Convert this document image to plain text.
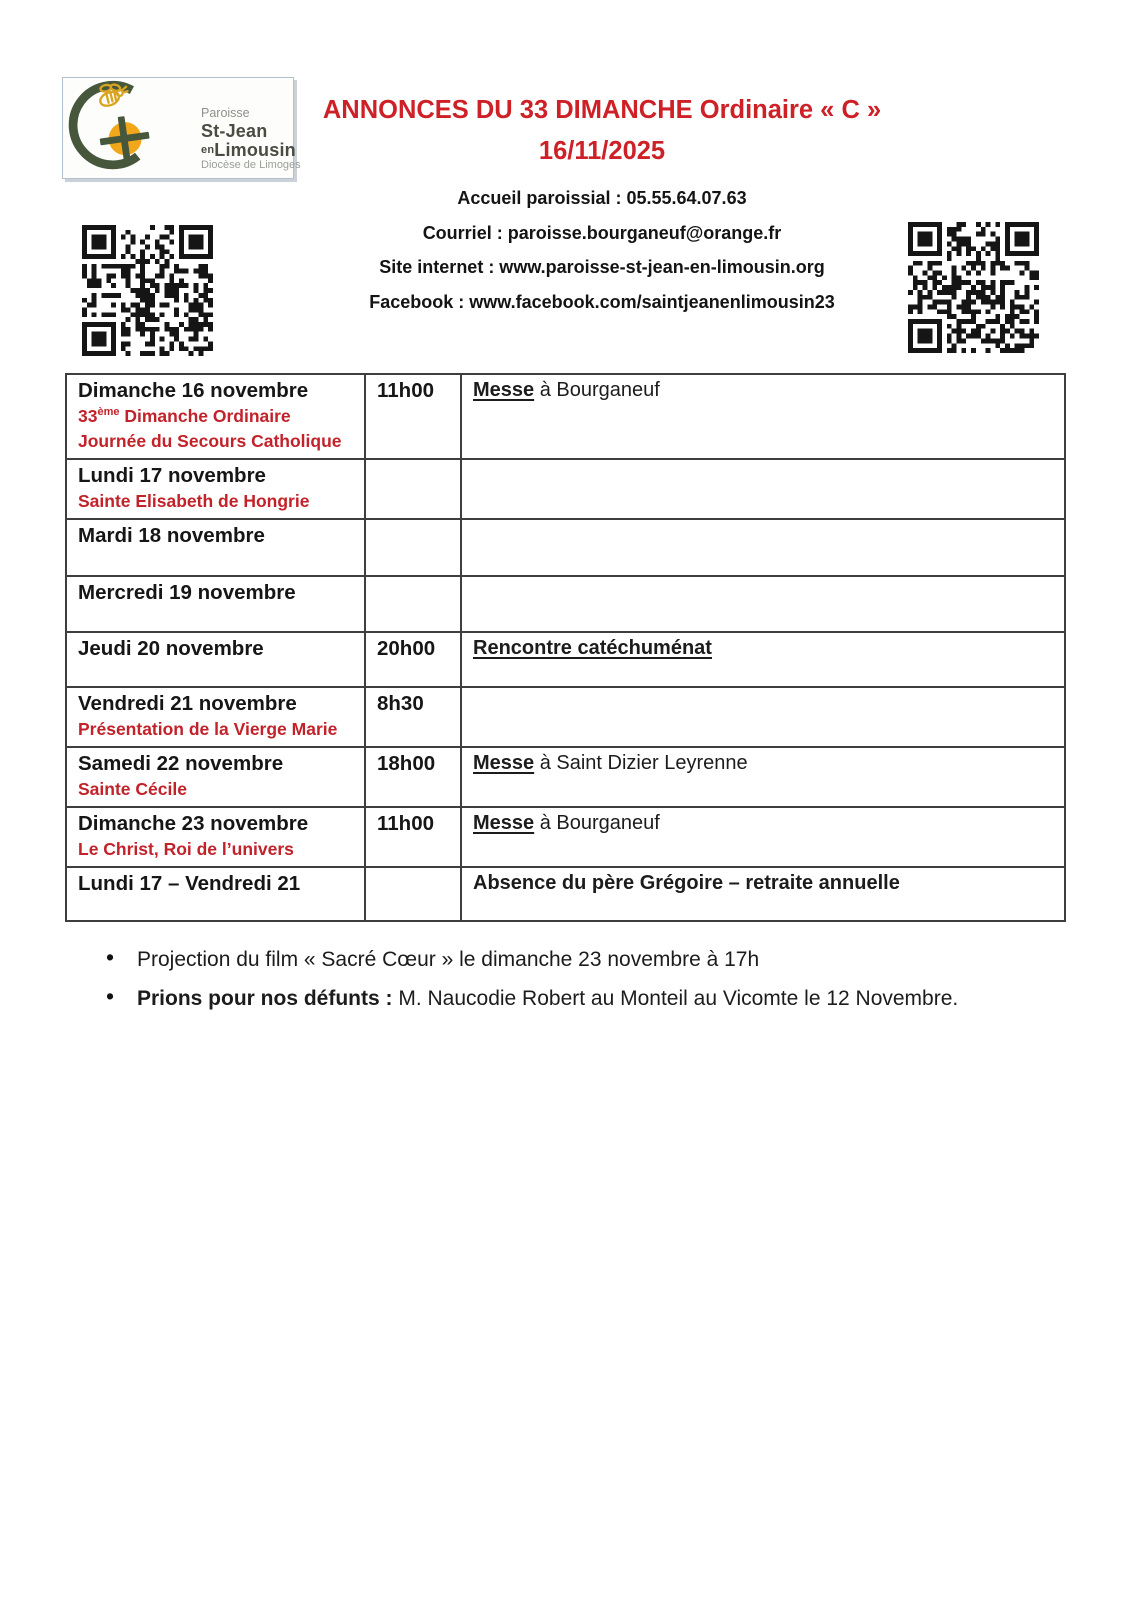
Paroisse

St-Jean

enLimousin

Diocèse de Limoges

ANNONCES DU 33 DIMANCHE Ordinaire « C »
16/11/2025

Accueil paroissial : 05.55.64.07.63

Courriel : paroisse.bourganeuf@orange.fr

Site internet : www.paroisse-st-jean-en-limousin.org

Facebook : www.facebook.com/saintjeanenlimousin23

Dimanche 16 novembre
33ème Dimanche Ordinaire
Journée du Secours Catholique	11h00	Messe à Bourganeuf

Lundi 17 novembre
Sainte Elisabeth de Hongrie		

Mardi 18 novembre		

Mercredi 19 novembre		

Jeudi 20 novembre	20h00	Rencontre catéchuménat

Vendredi 21 novembre
Présentation de la Vierge Marie	8h30	

Samedi 22 novembre
Sainte Cécile	18h00	Messe à Saint Dizier Leyrenne

Dimanche 23 novembre
Le Christ, Roi de l’univers	11h00	Messe à Bourganeuf

Lundi 17 – Vendredi 21		Absence du père Grégoire – retraite annuelle
• Projection du film « Sacré Cœur » le dimanche 23 novembre à 17h
• Prions pour nos défunts : M. Naucodie Robert au Monteil au Vicomte le 12 Novembre.
